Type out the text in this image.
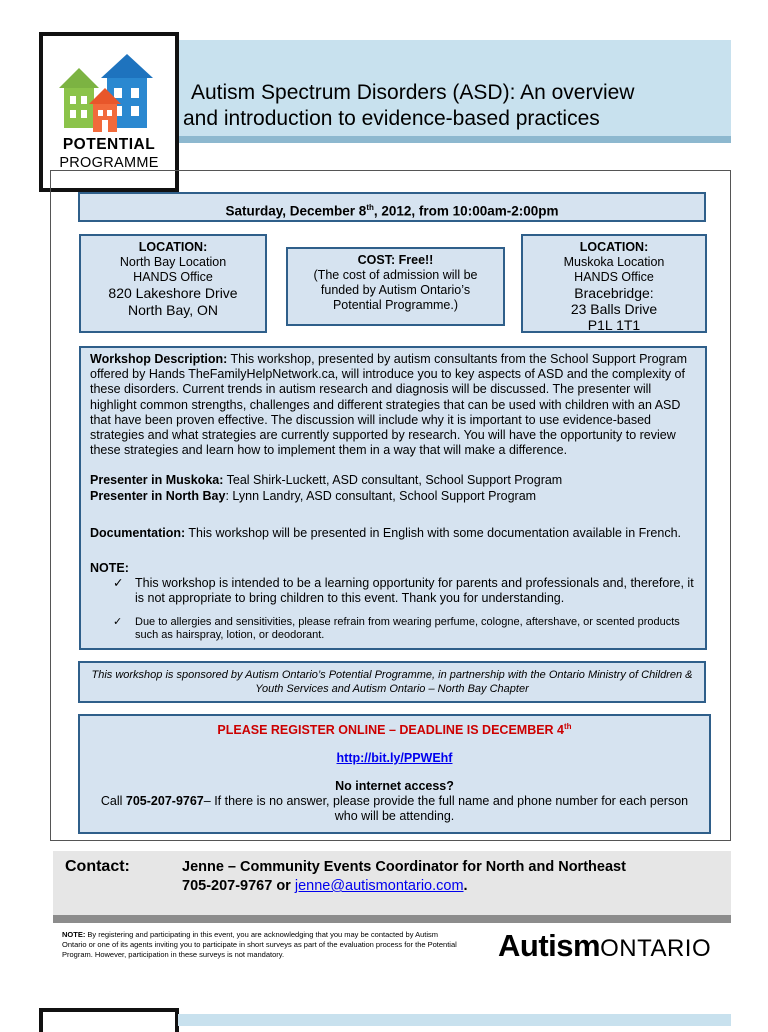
POTENTIAL
PROGRAMME
Autism Spectrum Disorders (ASD): An overview
and introduction to evidence-based practices
Saturday, December 8th, 2012, from 10:00am-2:00pm
LOCATION:
North Bay Location
HANDS Office
820 Lakeshore Drive
North Bay, ON
COST: Free!!
(The cost of admission will be
funded by Autism Ontario’s
Potential Programme.)
LOCATION:
Muskoka Location
HANDS Office
Bracebridge:
23 Balls Drive
P1L 1T1

Workshop Description: This workshop, presented by autism consultants from the School Support Program offered by Hands TheFamilyHelpNetwork.ca, will introduce you to key aspects of ASD and the complexity of these disorders. Current trends in autism research and diagnosis will be discussed. The presenter will highlight common strengths, challenges and different strategies that can be used with children with an ASD that have been proven effective. The discussion will include why it is important to use evidence-based strategies and what strategies are currently supported by research. You will have the opportunity to review these strategies and learn how to implement them in a way that will make a difference.

Presenter in Muskoka: Teal Shirk-Luckett, ASD consultant, School Support Program

Presenter in North Bay: Lynn Landry, ASD consultant, School Support Program

Documentation: This workshop will be presented in English with some documentation available in French.

NOTE:

✓ This workshop is intended to be a learning opportunity for parents and professionals and, therefore, it is not appropriate to bring children to this event. Thank you for understanding.

✓ Due to allergies and sensitivities, please refrain from wearing perfume, cologne, aftershave, or scented products such as hairspray, lotion, or deodorant.

This workshop is sponsored by Autism Ontario’s Potential Programme, in partnership with the Ontario Ministry of Children & Youth Services and Autism Ontario – North Bay Chapter
PLEASE REGISTER ONLINE – DEADLINE IS DECEMBER 4th
http://bit.ly/PPWEhf
No internet access?
Call 705-207-9767– If there is no answer, please provide the full name and phone number for each person who will be attending.
Contact:	Jenne – Community Events Coordinator for North and Northeast
705-207-9767 or jenne@autismontario.com.
NOTE: By registering and participating in this event, you are acknowledging that you may be contacted by Autism Ontario or one of its agents inviting you to participate in short surveys as part of the evaluation process for the Potential Program. However, participation in these surveys is not mandatory.	AutismONTARIO
